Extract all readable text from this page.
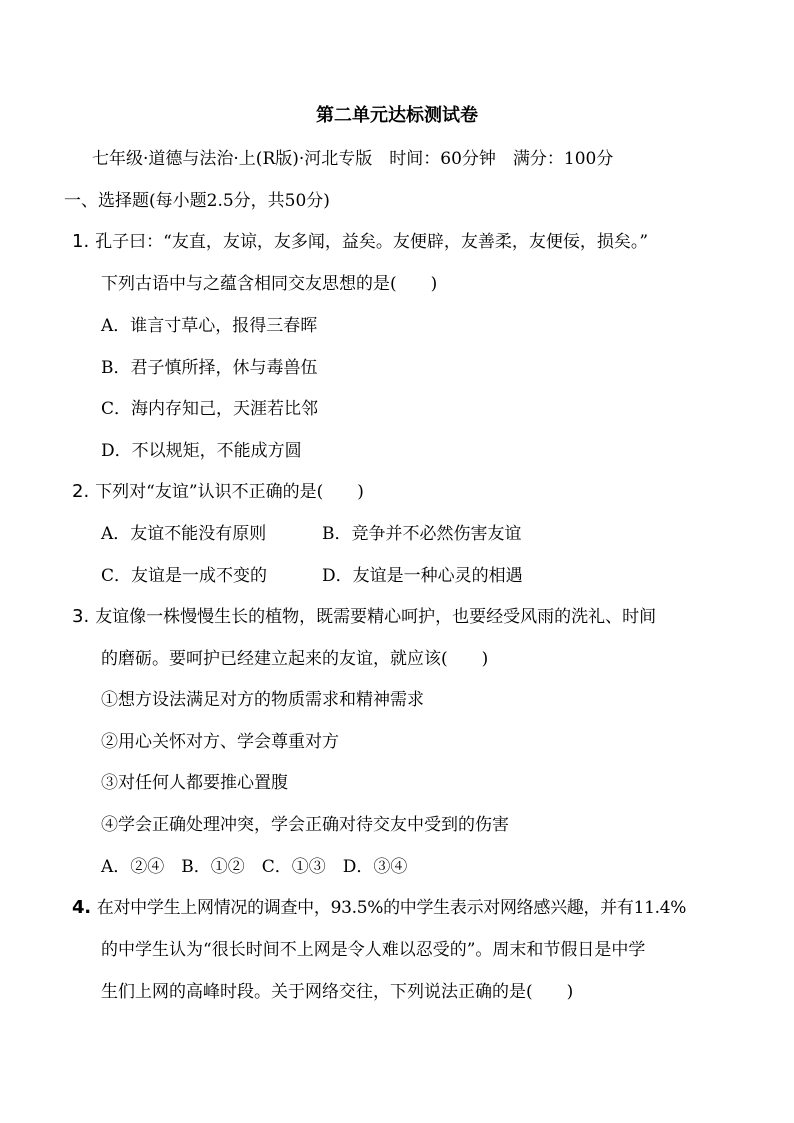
第二单元达标测试卷
七年级·道德与法治·上(R版)·河北专版　时间：60分钟　满分：100分
一、选择题(每小题2.5分，共50分)
1. 孔子曰：“友直，友谅，友多闻，益矣。友便辟，友善柔，友便佞，损矣。”
下列古语中与之蕴含相同交友思想的是(　　)
A．谁言寸草心，报得三春晖
B．君子慎所择，休与毒兽伍
C．海内存知己，天涯若比邻
D．不以规矩，不能成方圆
2. 下列对“友谊”认识不正确的是(　　)
A．友谊不能没有原则	B．竞争并不必然伤害友谊
C．友谊是一成不变的	D．友谊是一种心灵的相遇
3. 友谊像一株慢慢生长的植物，既需要精心呵护，也要经受风雨的洗礼、时间
的磨砺。要呵护已经建立起来的友谊，就应该(　　)
①想方设法满足对方的物质需求和精神需求
②用心关怀对方、学会尊重对方
③对任何人都要推心置腹
④学会正确处理冲突，学会正确对待交友中受到的伤害
A．②④　B．①②　C．①③　D．③④
4. 在对中学生上网情况的调查中，93.5%的中学生表示对网络感兴趣，并有11.4%
的中学生认为“很长时间不上网是令人难以忍受的”。周末和节假日是中学
生们上网的高峰时段。关于网络交往，下列说法正确的是(　　)
